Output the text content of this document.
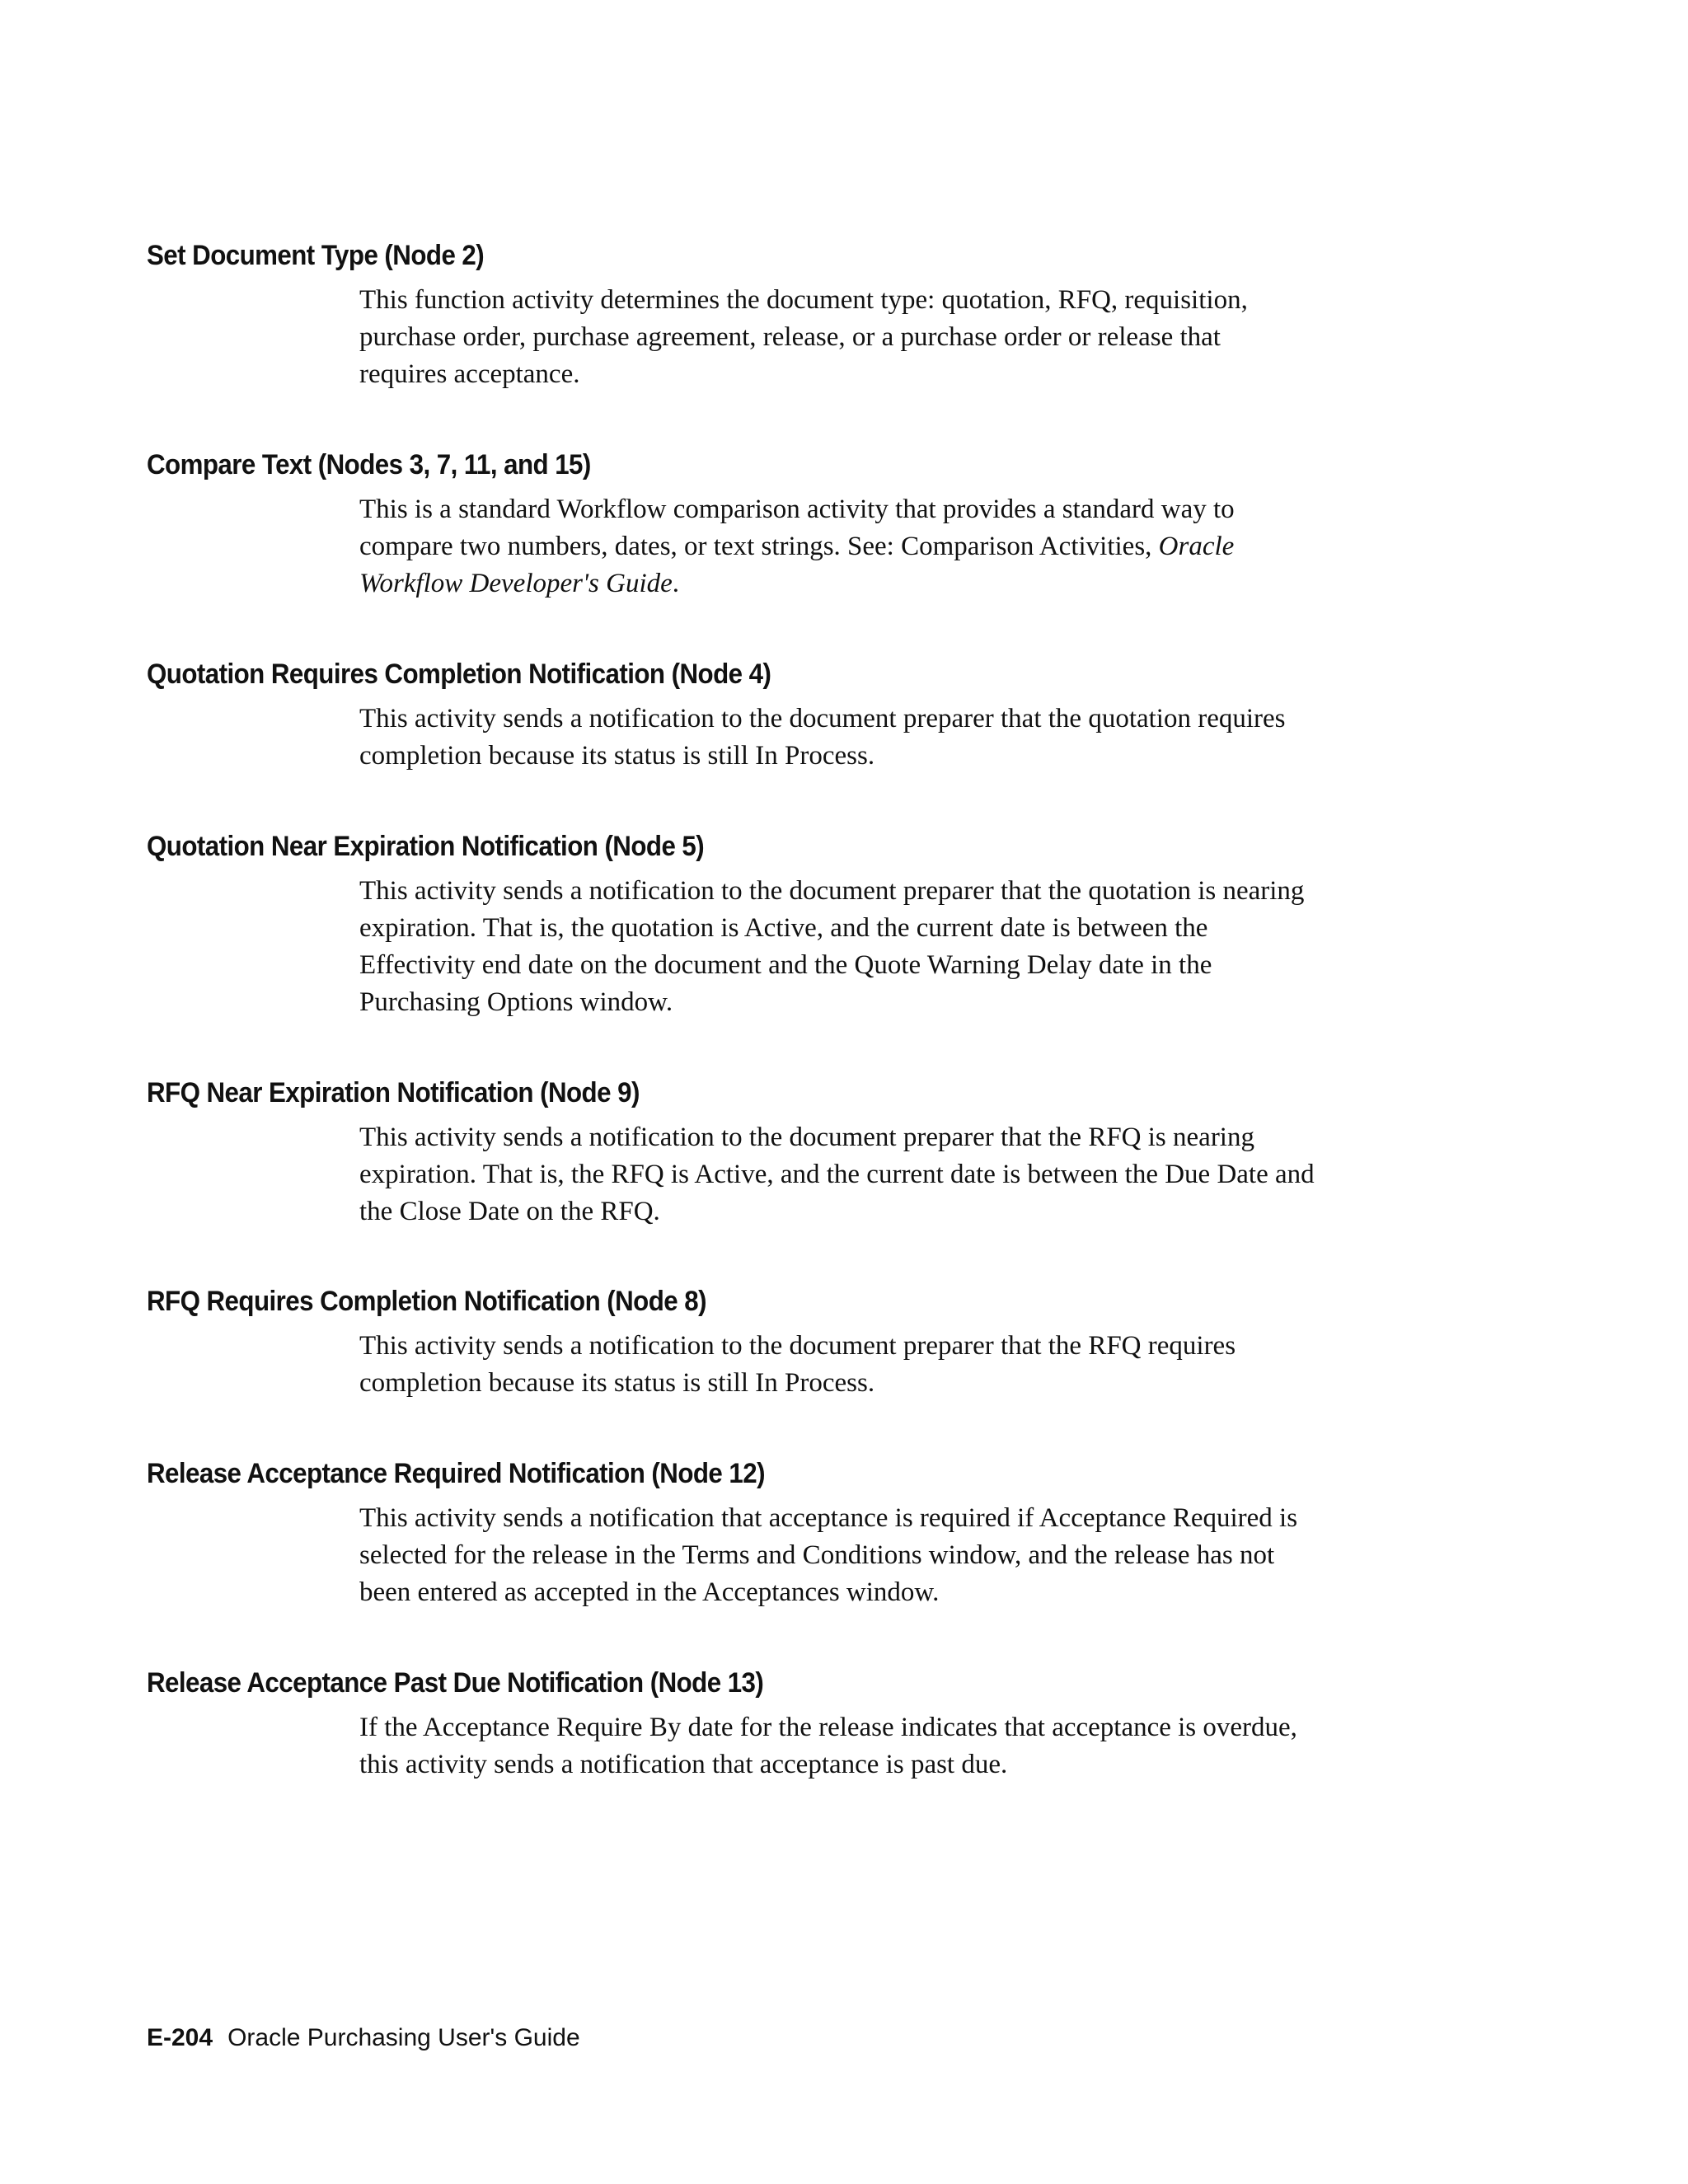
Set Document Type (Node 2)
This function activity determines the document type: quotation, RFQ, requisition,
purchase order, purchase agreement, release, or a purchase order or release that
requires acceptance.
Compare Text (Nodes 3, 7, 11, and 15)
This is a standard Workflow comparison activity that provides a standard way to
compare two numbers, dates, or text strings. See: Comparison Activities, Oracle
Workflow Developer's Guide.
Quotation Requires Completion Notification (Node 4)
This activity sends a notification to the document preparer that the quotation requires
completion because its status is still In Process.
Quotation Near Expiration Notification (Node 5)
This activity sends a notification to the document preparer that the quotation is nearing
expiration. That is, the quotation is Active, and the current date is between the
Effectivity end date on the document and the Quote Warning Delay date in the
Purchasing Options window.
RFQ Near Expiration Notification (Node 9)
This activity sends a notification to the document preparer that the RFQ is nearing
expiration. That is, the RFQ is Active, and the current date is between the Due Date and
the Close Date on the RFQ.
RFQ Requires Completion Notification (Node 8)
This activity sends a notification to the document preparer that the RFQ requires
completion because its status is still In Process.
Release Acceptance Required Notification (Node 12)
This activity sends a notification that acceptance is required if Acceptance Required is
selected for the release in the Terms and Conditions window, and the release has not
been entered as accepted in the Acceptances window.
Release Acceptance Past Due Notification (Node 13)
If the Acceptance Require By date for the release indicates that acceptance is overdue,
this activity sends a notification that acceptance is past due.
E-204 Oracle Purchasing User's Guide
